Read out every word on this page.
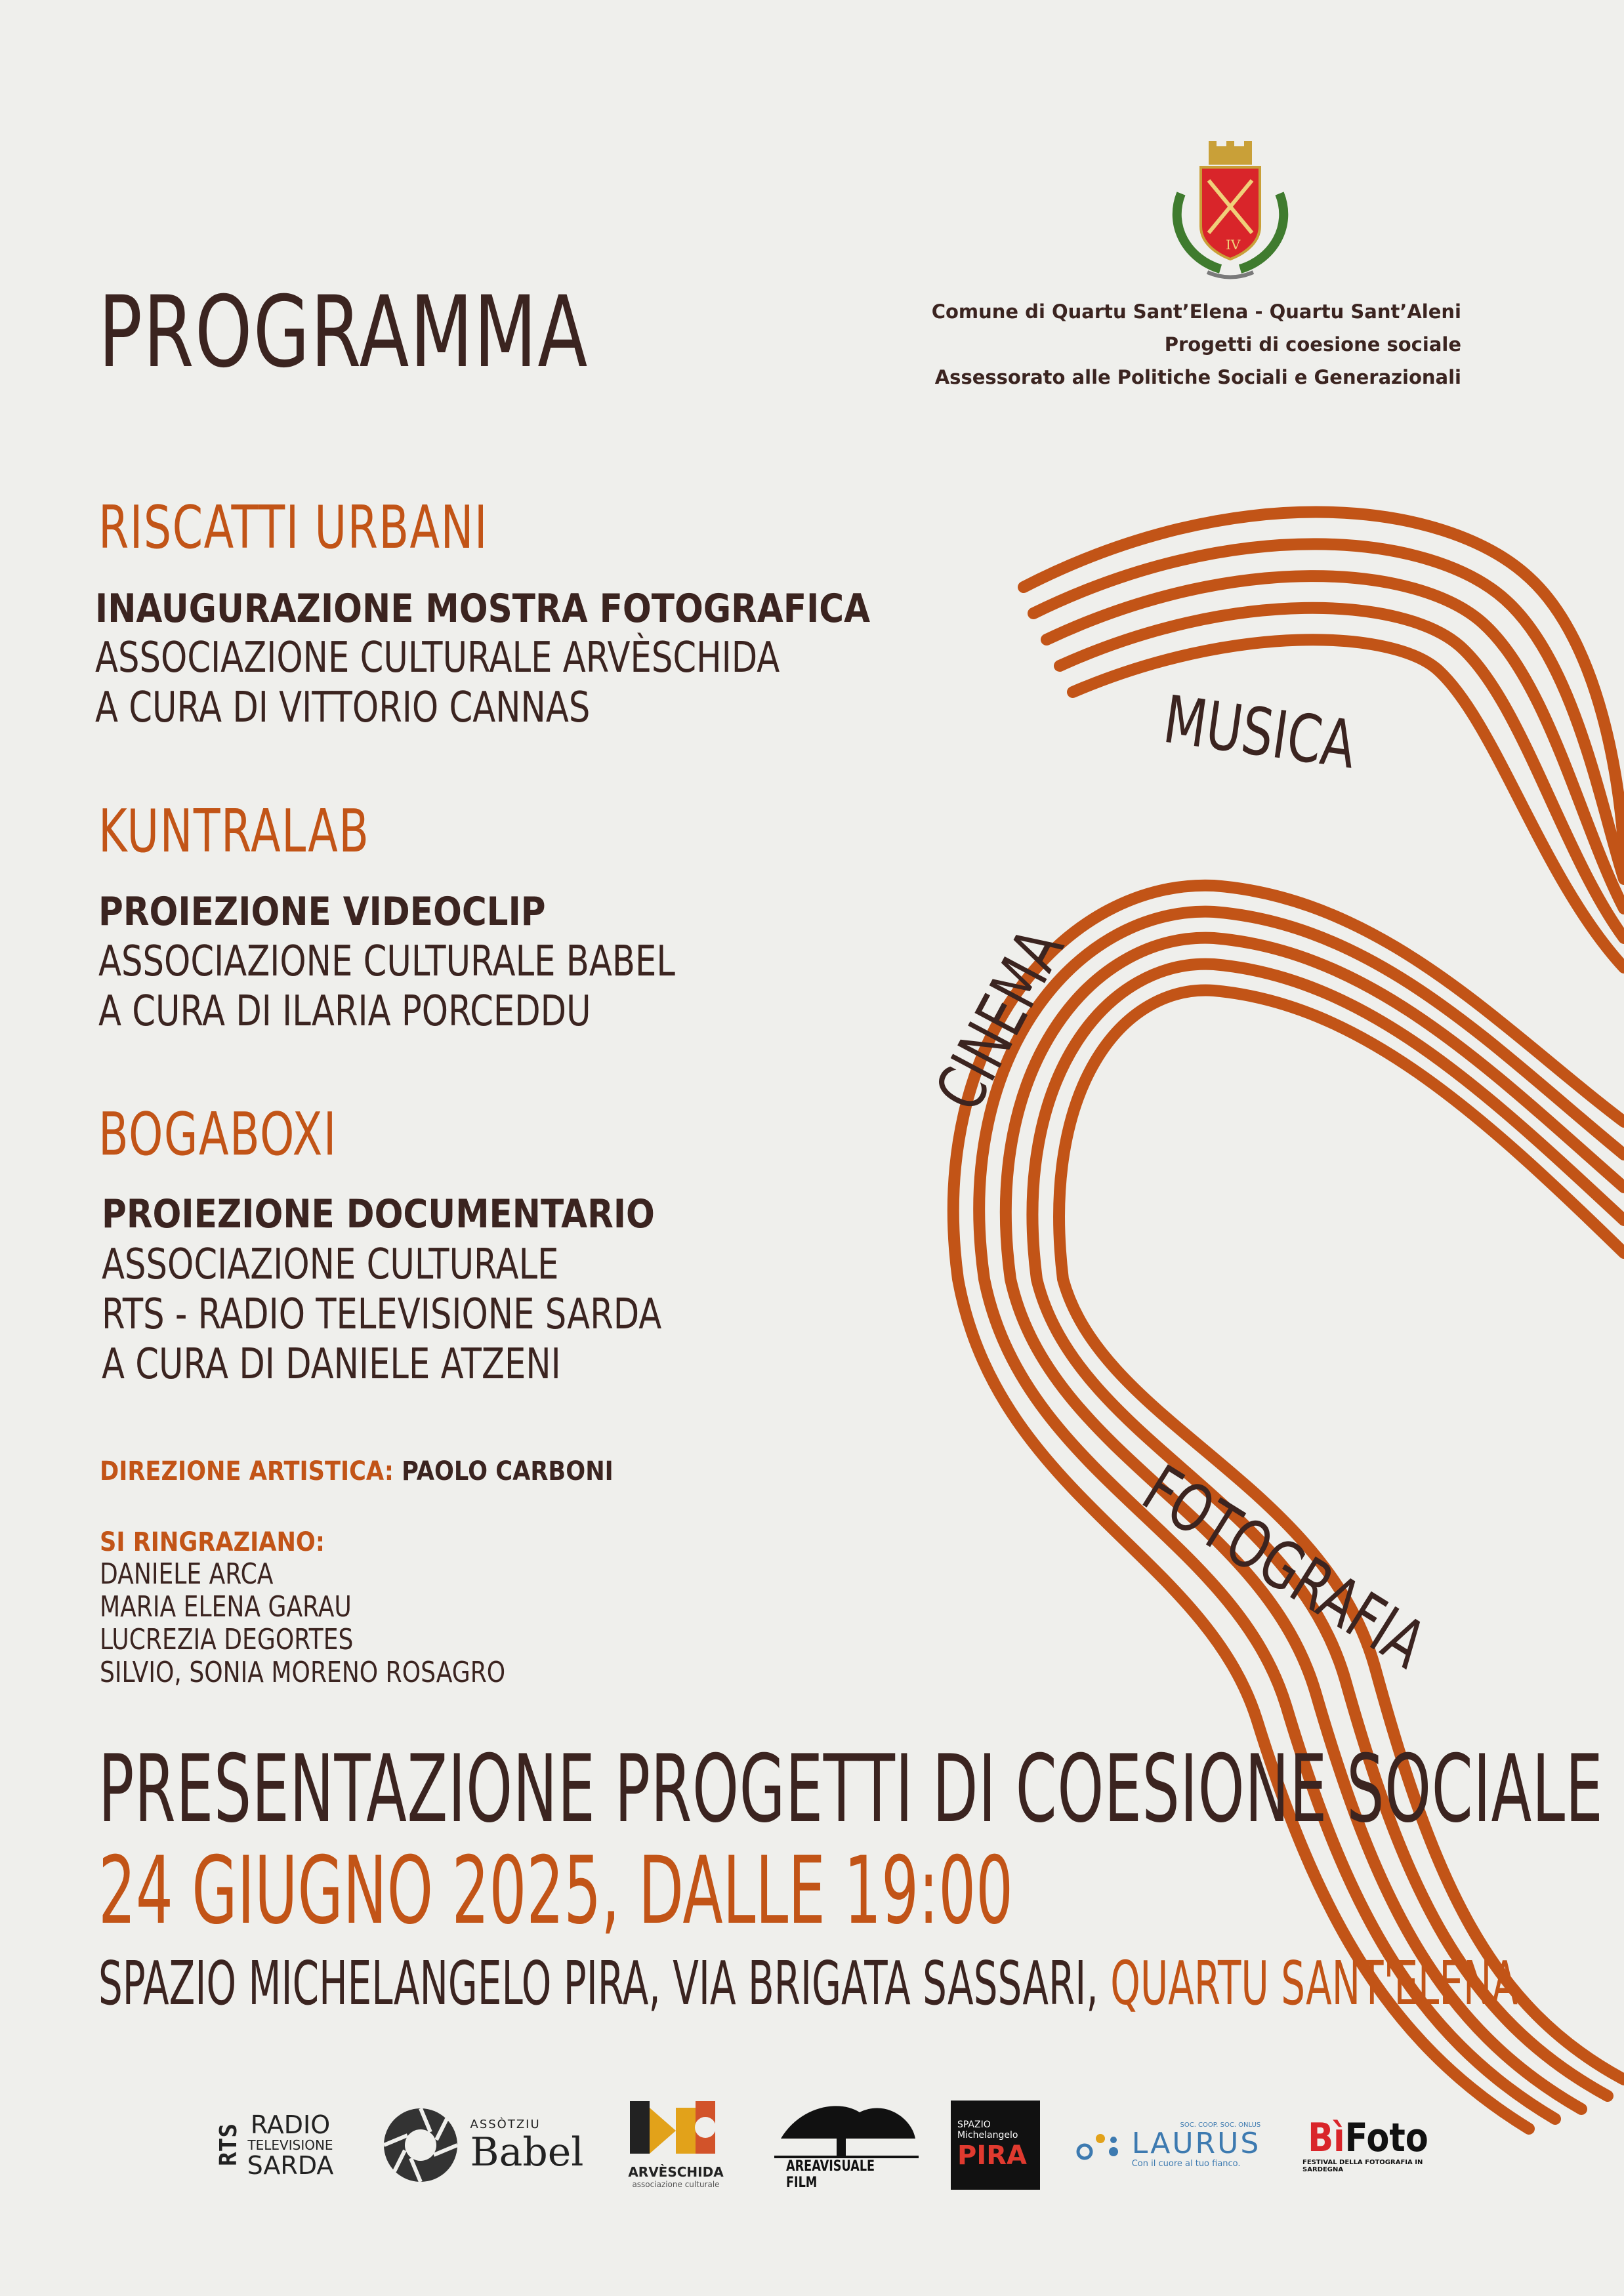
MUSICA
CINEMA
FOTOGRAFIA
PROGRAMMA
IV
Comune di Quartu Sant’Elena - Quartu Sant’Aleni
Progetti di coesione sociale
Assessorato alle Politiche Sociali e Generazionali
RISCATTI URBANI
INAUGURAZIONE MOSTRA FOTOGRAFICA
ASSOCIAZIONE CULTURALE ARVÈSCHIDA
A CURA DI VITTORIO CANNAS
KUNTRALAB
PROIEZIONE VIDEOCLIP
ASSOCIAZIONE CULTURALE BABEL
A CURA DI ILARIA PORCEDDU
BOGABOXI
PROIEZIONE DOCUMENTARIO
ASSOCIAZIONE CULTURALE
RTS - RADIO TELEVISIONE SARDA
A CURA DI DANIELE ATZENI
DIREZIONE ARTISTICA: PAOLO CARBONI
SI RINGRAZIANO:
DANIELE ARCA
MARIA ELENA GARAU
LUCREZIA DEGORTES
SILVIO, SONIA MORENO ROSAGRO
PRESENTAZIONE PROGETTI DI COESIONE SOCIALE
24 GIUGNO 2025, DALLE 19:00
SPAZIO MICHELANGELO PIRA, VIA BRIGATA SASSARI, QUARTU SANT'ELENA
RTS RADIO
TELEVISIONE
SARDA
ASSÒTZIU
Babel	ARVÈSCHIDA
associazione culturale
AREAVISUALE FILM
SPAZIO
Michelangelo
PIRA
SOC. COOP. SOC. ONLUS
LAURUS
Con il cuore al tuo fianco.
BìFoto
FESTIVAL DELLA FOTOGRAFIA IN SARDEGNA
